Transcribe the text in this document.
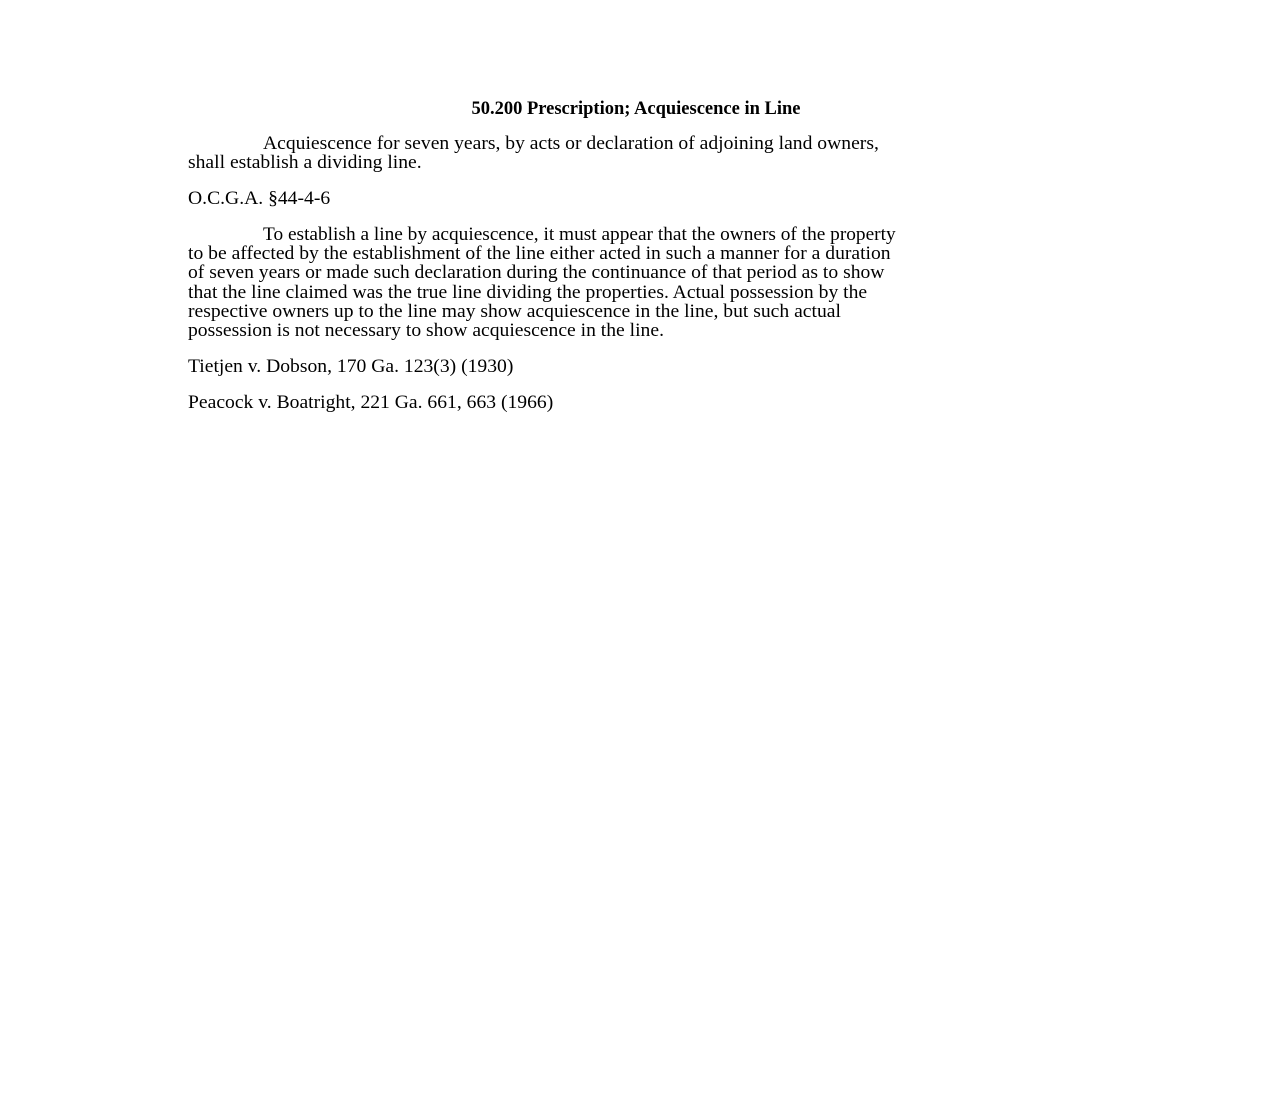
50.200 Prescription; Acquiescence in Line
Acquiescence for seven years, by acts or declaration of adjoining land owners,
shall establish a dividing line.
O.C.G.A. §44-4-6
To establish a line by acquiescence, it must appear that the owners of the property
to be affected by the establishment of the line either acted in such a manner for a duration
of seven years or made such declaration during the continuance of that period as to show
that the line claimed was the true line dividing the properties. Actual possession by the
respective owners up to the line may show acquiescence in the line, but such actual
possession is not necessary to show acquiescence in the line.
Tietjen v. Dobson, 170 Ga. 123(3) (1930)
Peacock v. Boatright, 221 Ga. 661, 663 (1966)
